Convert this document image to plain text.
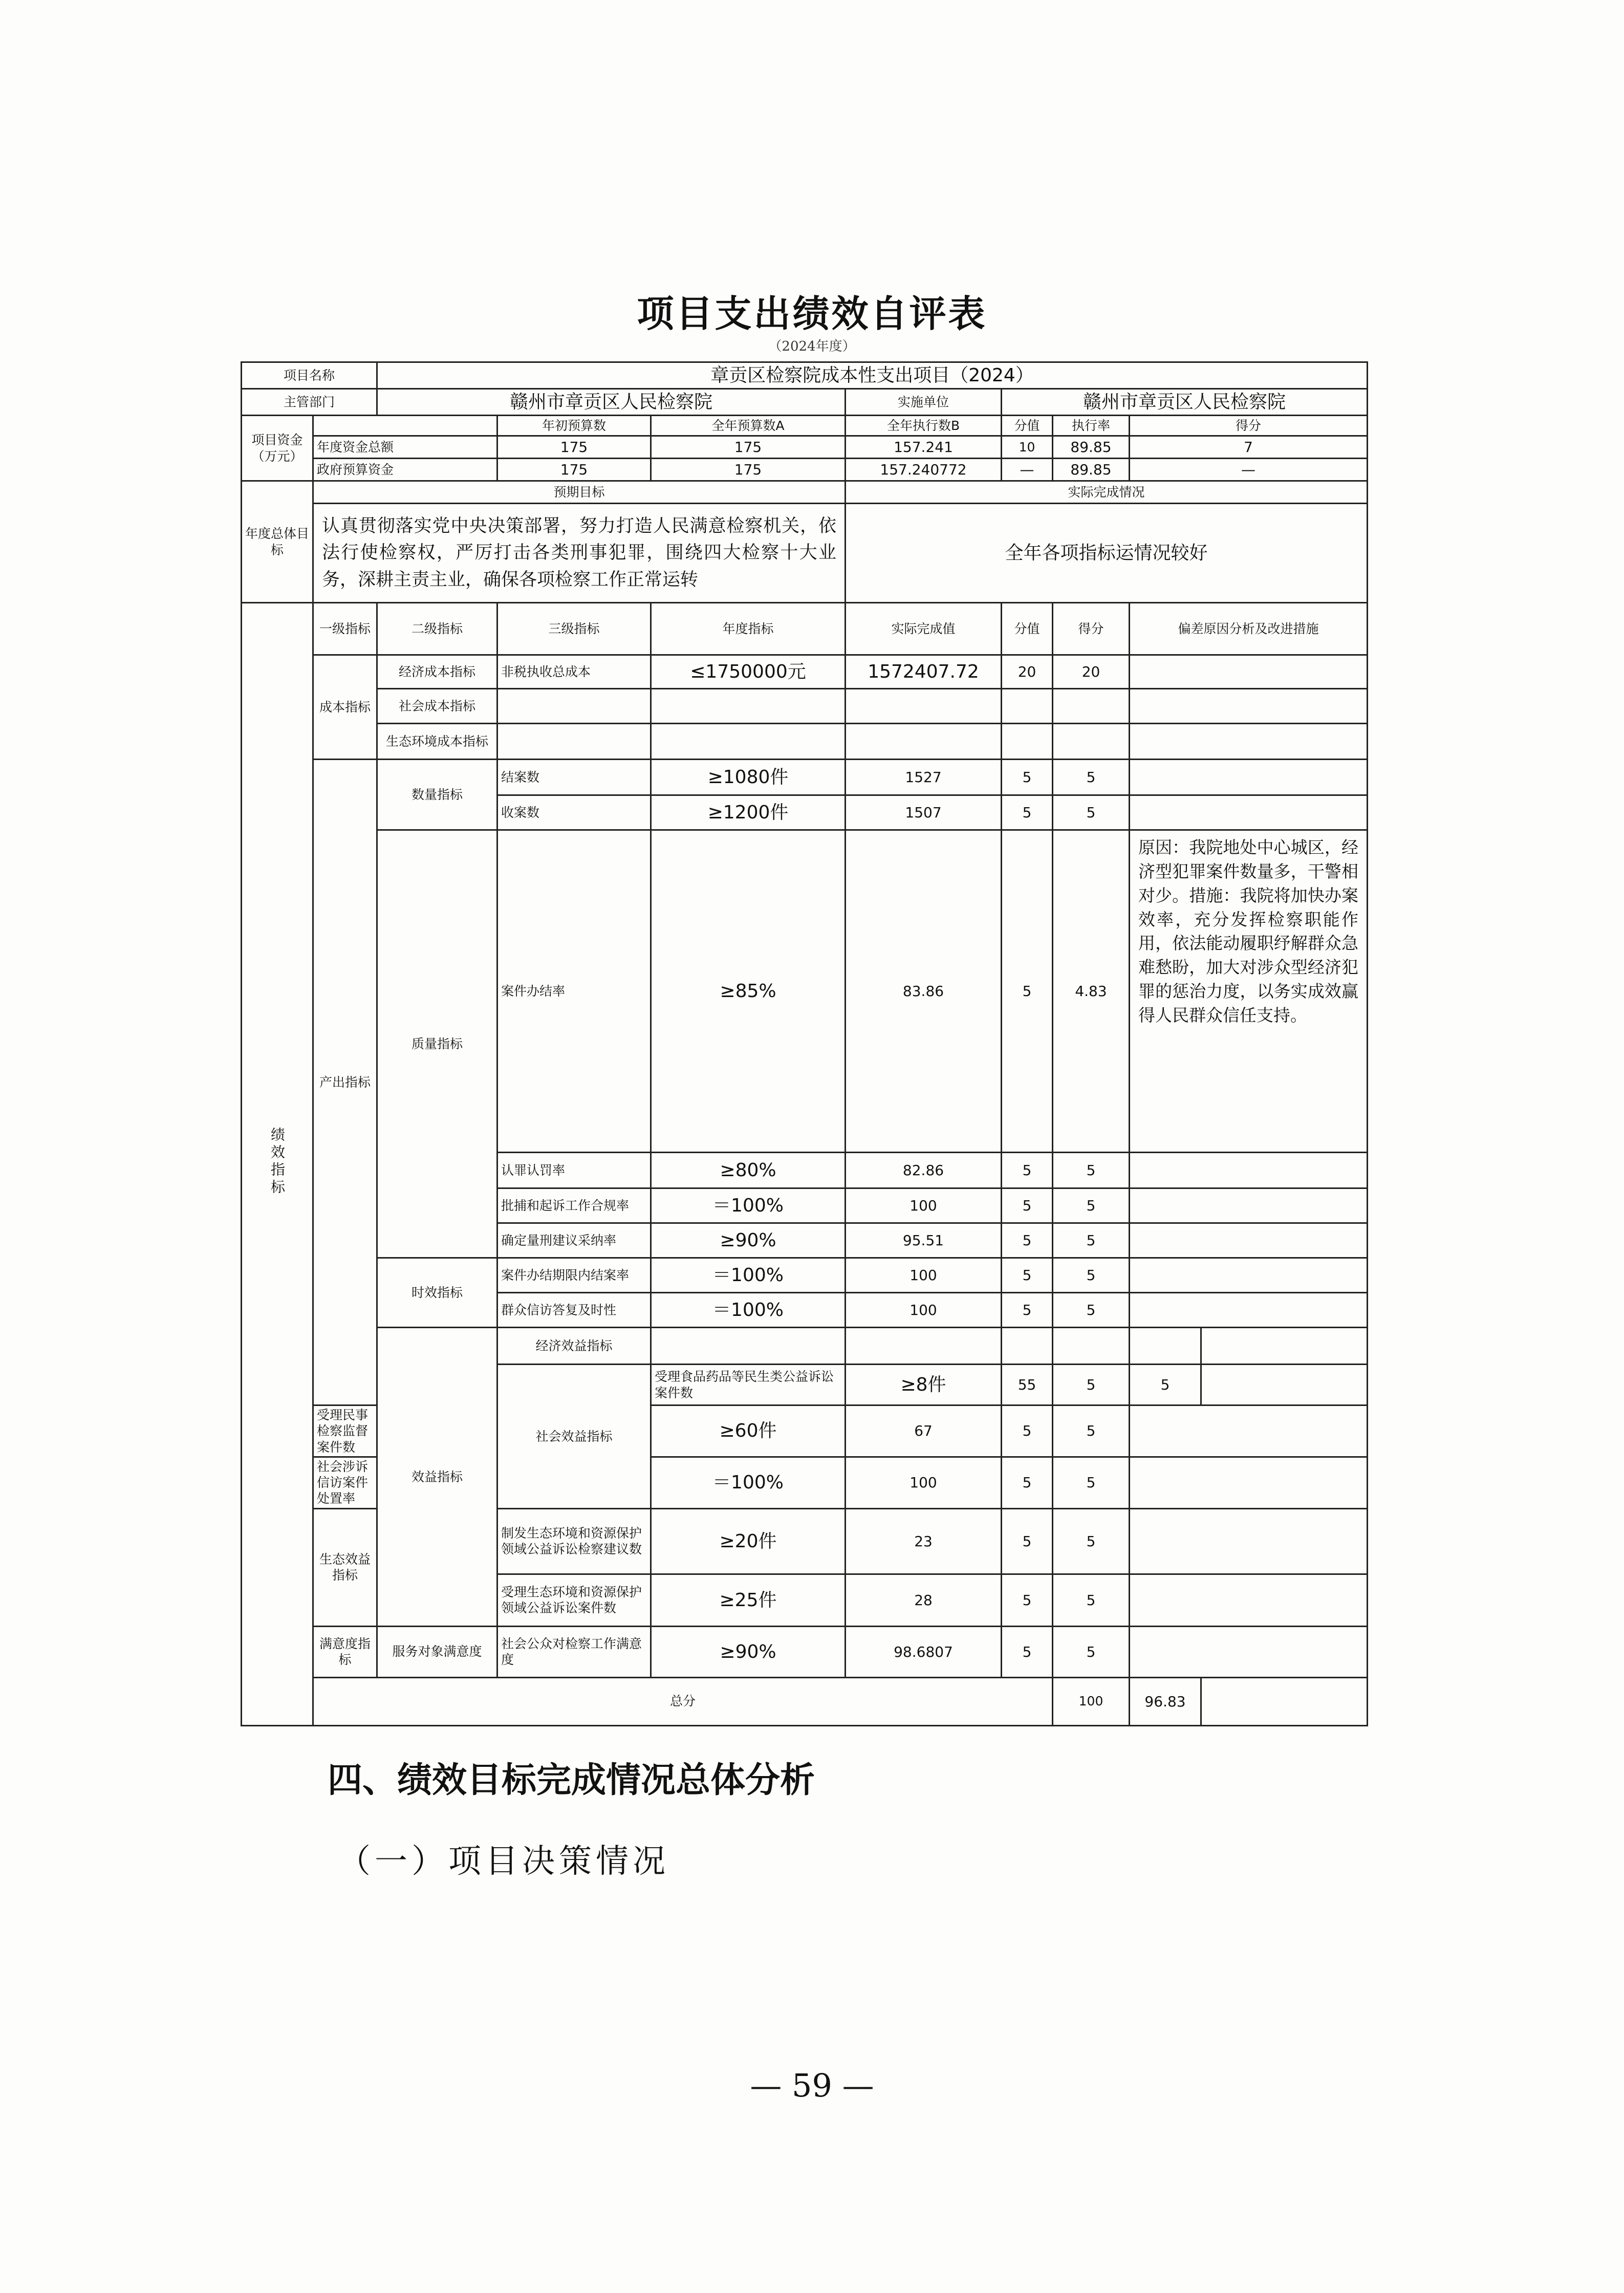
项目支出绩效自评表
（2024年度）
项目名称		章贡区检察院成本性支出项目（2024）							
主管部门		赣州市章贡区人民检察院			实施单位	赣州市章贡区人民检察院			
项目资金（万元）			年初预算数	全年预算数A	全年执行数B	分值	执行率	得分	
	年度资金总额		175	175	157.241	10	89.85	7	
	政府预算资金		175	175	157.240772	—	89.85	—	
年度总体目标	预期目标				实际完成情况				
	认真贯彻落实党中央决策部署，努力打造人民满意检察机关，依法行使检察权，严厉打击各类刑事犯罪，围绕四大检察十大业务，深耕主责主业，确保各项检察工作正常运转				全年各项指标运情况较好				
绩效指标	一级指标	二级指标	三级指标	年度指标	实际完成值	分值	得分	偏差原因分析及改进措施	
	成本指标	经济成本指标	非税执收总成本	≤1750000元	1572407.72	20	20		
		社会成本指标							
		生态环境成本指标							
	产出指标	数量指标	结案数	≥1080件	1527	5	5		
			收案数	≥1200件	1507	5	5		
		质量指标	案件办结率	≥85%	83.86	5	4.83	原因：我院地处中心城区，经济型犯罪案件数量多，干警相对少。措施：我院将加快办案效率，充分发挥检察职能作用，依法能动履职纾解群众急难愁盼，加大对涉众型经济犯罪的惩治力度，以务实成效赢得人民群众信任支持。	
			认罪认罚率	≥80%	82.86	5	5		
			批捕和起诉工作合规率	＝100%	100	5	5		
			确定量刑建议采纳率	≥90%	95.51	5	5		
		时效指标	案件办结期限内结案率	＝100%	100	5	5		
			群众信访答复及时性	＝100%	100	5	5		
		效益指标	经济效益指标						
			社会效益指标	受理食品药品等民生类公益诉讼案件数	≥8件	55	5	5	
	受理民事检察监督案件数			≥60件	67	5	5		
	社会涉诉信访案件处置率			＝100%	100	5	5		
	生态效益指标		制发生态环境和资源保护领域公益诉讼检察建议数	≥20件	23	5	5		
			受理生态环境和资源保护领域公益诉讼案件数	≥25件	28	5	5		
	满意度指标	服务对象满意度	社会公众对检察工作满意度	≥90%	98.6807	5	5		
	总分						100	96.83	
四、绩效目标完成情况总体分析
（一）项目决策情况
— 59 —
